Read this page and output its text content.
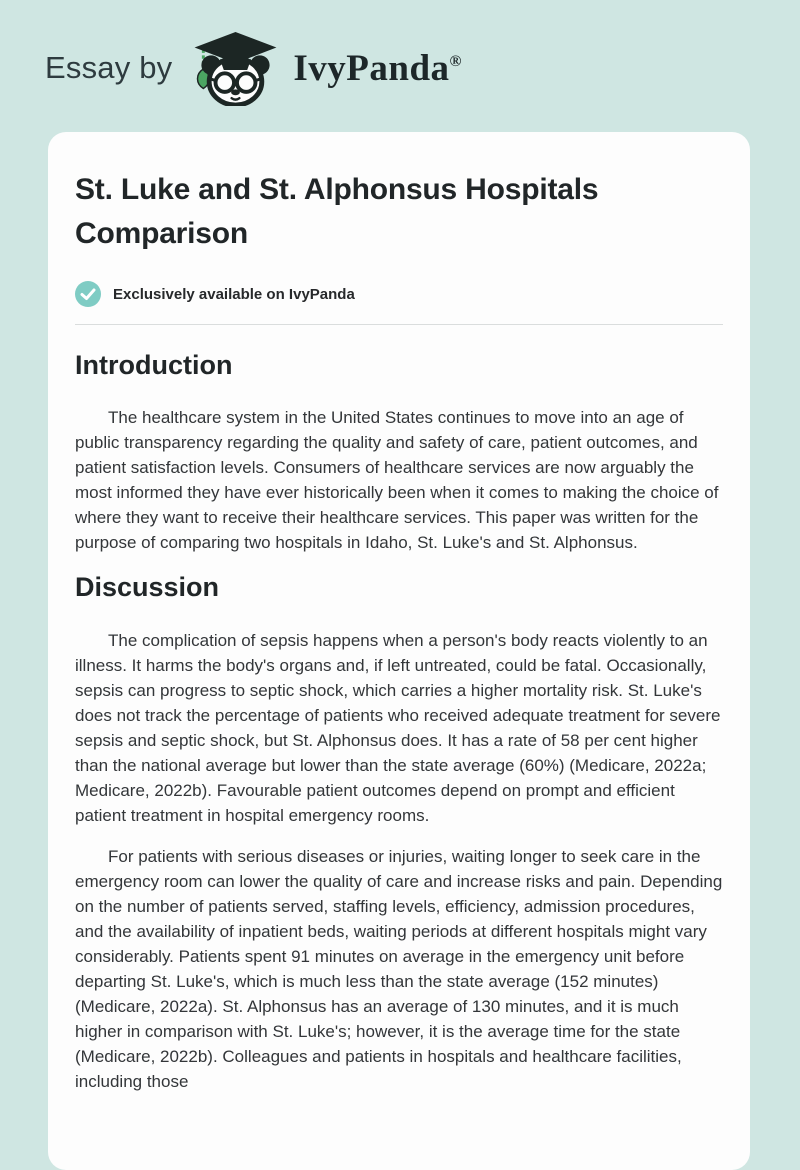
Essay by	IvyPanda®
St. Luke and St. Alphonsus Hospitals Comparison
Exclusively available on IvyPanda
Introduction

The healthcare system in the United States continues to move into an age of public transparency regarding the quality and safety of care, patient outcomes, and patient satisfaction levels. Consumers of healthcare services are now arguably the most informed they have ever historically been when it comes to making the choice of where they want to receive their healthcare services. This paper was written for the purpose of comparing two hospitals in Idaho, St. Luke's and St. Alphonsus.

Discussion

The complication of sepsis happens when a person's body reacts violently to an illness. It harms the body's organs and, if left untreated, could be fatal. Occasionally, sepsis can progress to septic shock, which carries a higher mortality risk. St. Luke's does not track the percentage of patients who received adequate treatment for severe sepsis and septic shock, but St. Alphonsus does. It has a rate of 58 per cent higher than the national average but lower than the state average (60%) (Medicare, 2022a; Medicare, 2022b). Favourable patient outcomes depend on prompt and efficient patient treatment in hospital emergency rooms.

For patients with serious diseases or injuries, waiting longer to seek care in the emergency room can lower the quality of care and increase risks and pain. Depending on the number of patients served, staffing levels, efficiency, admission procedures, and the availability of inpatient beds, waiting periods at different hospitals might vary considerably. Patients spent 91 minutes on average in the emergency unit before departing St. Luke's, which is much less than the state average (152 minutes) (Medicare, 2022a). St. Alphonsus has an average of 130 minutes, and it is much higher in comparison with St. Luke's; however, it is the average time for the state (Medicare, 2022b). Colleagues and patients in hospitals and healthcare facilities, including those
